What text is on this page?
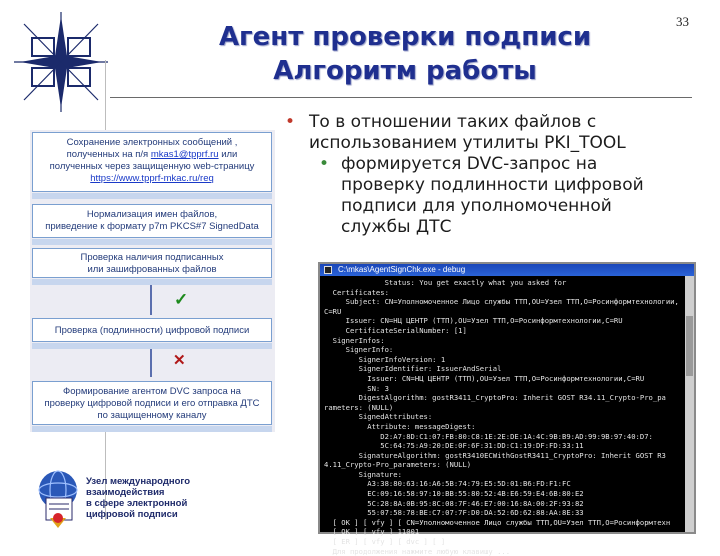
Агент проверки подписи
Алгоритм работы
33
Сохранение электронных сообщений ,
полученных на п/я mkas1@tpprf.ru или
полученных через защищенную web-страницу
https://www.tpprf-mkac.ru/req
Нормализация имен файлов,
приведение к формату p7m PKCS#7 SignedData
Проверка наличия подписанных
или зашифрованных файлов
✓
Проверка (подлинности) цифровой подписи
✕
Формирование агентом DVC запроса на
проверку цифровой подписи и его отправка ДТС
по защищенному каналу
Узел международного
взаимодействия
в сфере электронной
цифровой подписи
• То в отношении таких файлов с
использованием утилиты PKI_TOOL
• формируется DVC-запрос на
проверку подлинности цифровой
подписи для уполномоченной
службы ДТС
C:\mkas\AgentSignChk.exe - debug
Status: You get exactly what you asked for
Certificates:
Subject: CN=Уполномоченное Лицо службы ТТП,OU=Узел ТТП,O=Росинформтехнологии,
C=RU
Issuer: CN=НЦ ЦЕНТР (ТТП),OU=Узел ТТП,O=Росинформтехнологии,C=RU
CertificateSerialNumber: [1]
SignerInfos:
SignerInfo:
SignerInfoVersion: 1
SignerIdentifier: IssuerAndSerial
Issuer: CN=НЦ ЦЕНТР (ТТП),OU=Узел ТТП,O=Росинформтехнологии,C=RU
SN: 3
DigestAlgorithm: gostR3411_CryptoPro: Inherit GOST R34.11_Crypto-Pro_pa
rameters: (NULL)
SignedAttributes:
Attribute: messageDigest:
D2:A7:8D:C1:07:FB:80:C8:1E:2E:DE:1A:4C:9B:B9:AD:99:9B:97:40:D7:
5C:64:75:A9:20:DE:0F:6F:31:DD:C1:19:DF:FD:33:11
SignatureAlgorithm: gostR3410ECWithGostR3411_CryptoPro: Inherit GOST R3
4.11_Crypto-Pro_parameters: (NULL)
Signature:
A3:38:80:63:16:A6:5B:74:79:E5:5D:01:B6:FD:F1:FC
EC:09:16:58:97:10:BB:55:80:52:4B:E6:59:E4:6B:80:E2
5C:28:8A:0B:95:8C:08:7F:46:E7:00:16:8A:00:2F:93:82
55:07:58:78:BE:C7:07:7F:D0:DA:52:6D:62:88:AA:8E:33
[ OK ] [ vfy ] [ CN=Уполномоченное Лицо службы ТТП,OU=Узел ТТП,O=Росинформтехн
[ OK ] [ vfy ] 11001
[ ER ] [ vfy ] [ dvc ] [ ]
Для продолжения нажмите любую клавишу ...
